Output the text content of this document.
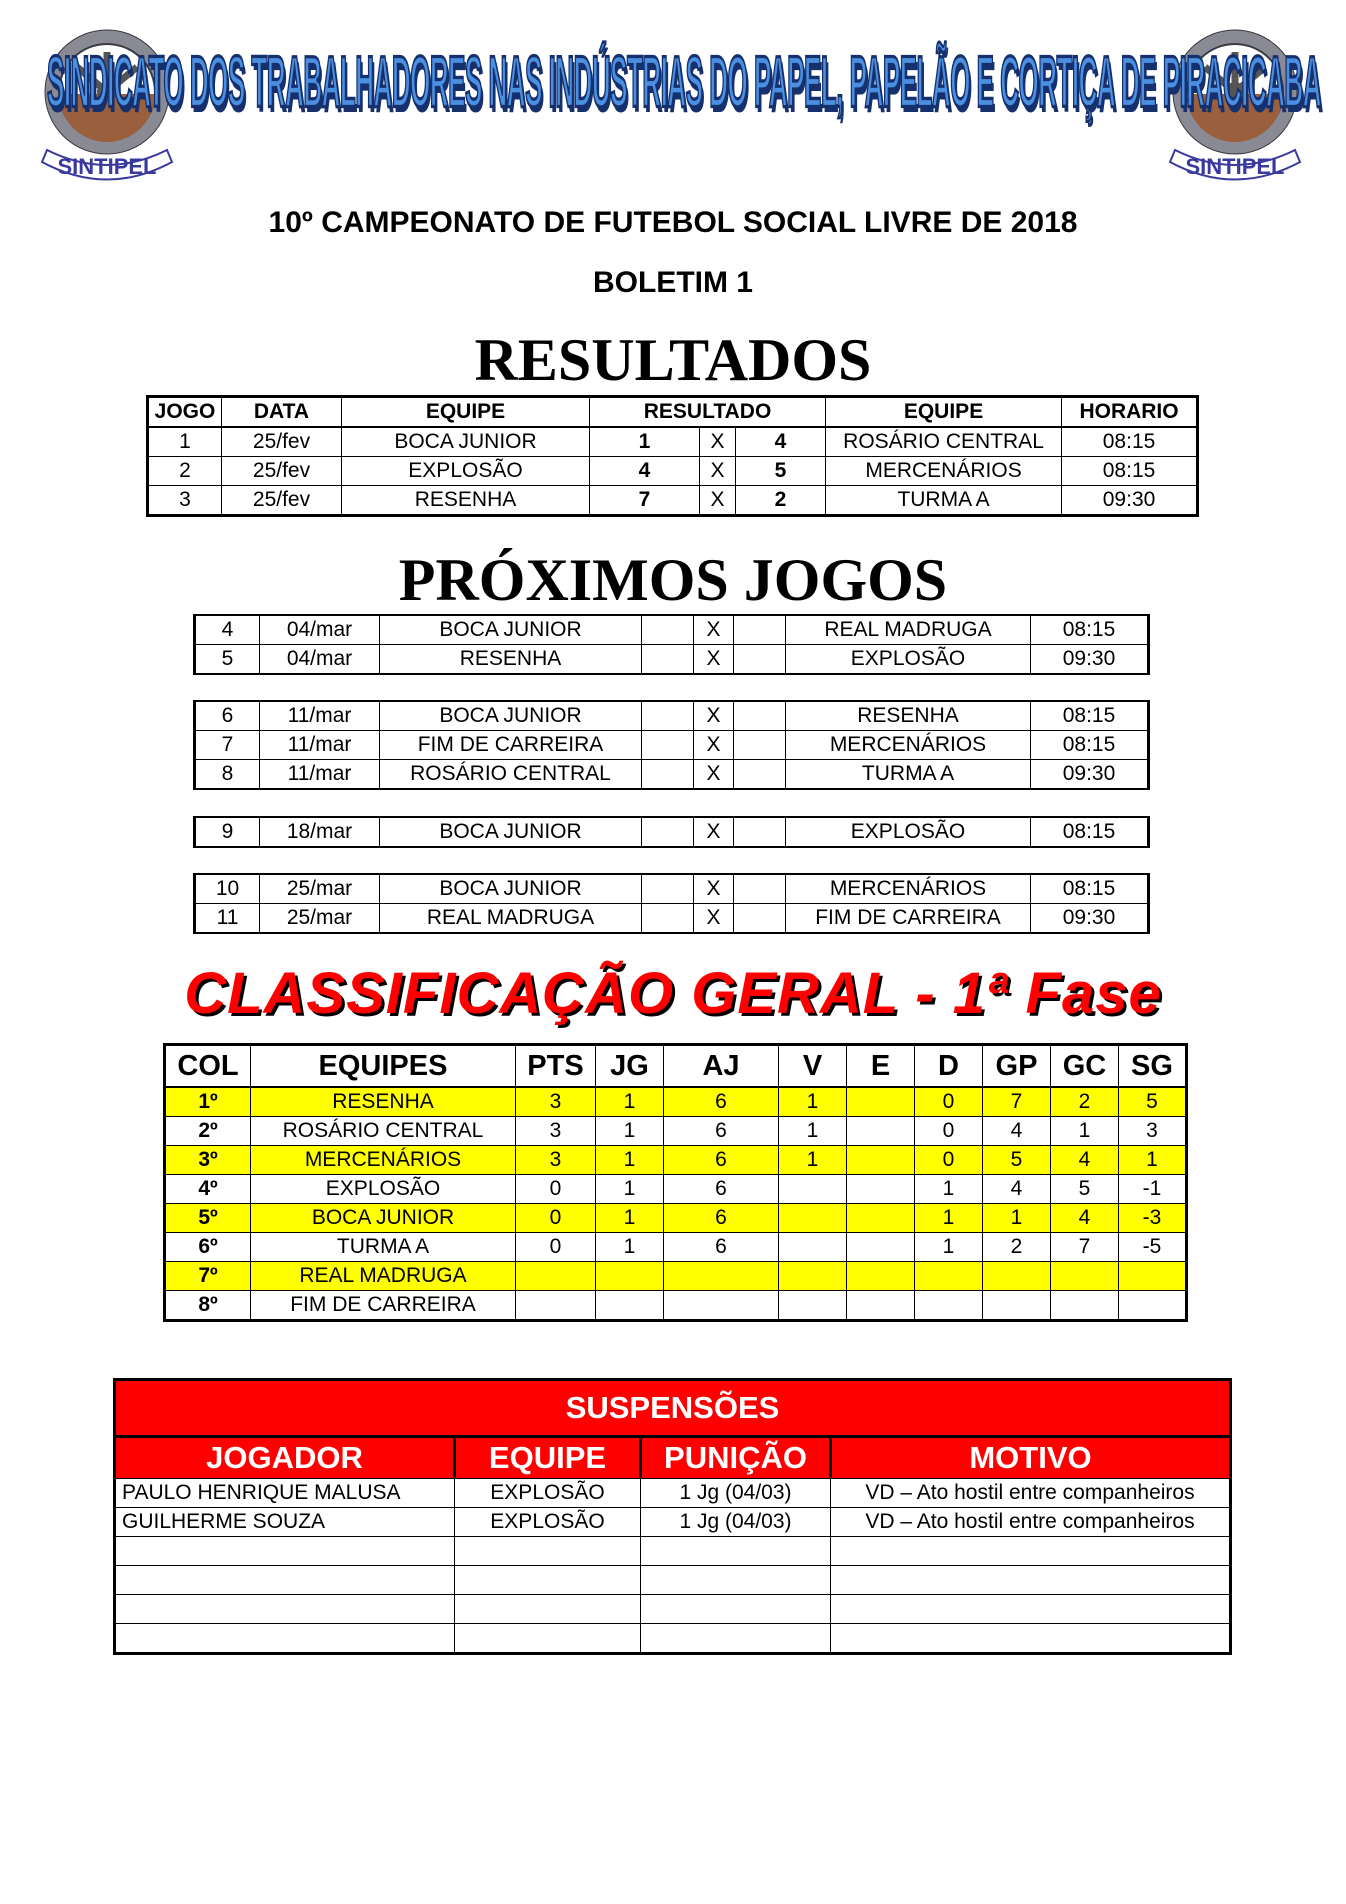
SINTIPEL	SINTIPEL
SINDICATO DOS TRABALHADORES NAS INDÚSTRIAS DO PAPEL, PAPELÃO E CORTIÇA DE PIRACICABA
10º CAMPEONATO DE FUTEBOL SOCIAL LIVRE DE 2018
BOLETIM 1
RESULTADOS
JOGO	DATA	EQUIPE	RESULTADO			EQUIPE	HORARIO
1	25/fev	BOCA JUNIOR	1	X	4	ROSÁRIO CENTRAL	08:15
2	25/fev	EXPLOSÃO	4	X	5	MERCENÁRIOS	08:15
3	25/fev	RESENHA	7	X	2	TURMA A	09:30
PRÓXIMOS JOGOS
4	04/mar	BOCA JUNIOR		X		REAL MADRUGA	08:15
5	04/mar	RESENHA		X		EXPLOSÃO	09:30
6	11/mar	BOCA JUNIOR		X		RESENHA	08:15
7	11/mar	FIM DE CARREIRA		X		MERCENÁRIOS	08:15
8	11/mar	ROSÁRIO CENTRAL		X		TURMA A	09:30
9	18/mar	BOCA JUNIOR		X		EXPLOSÃO	08:15
10	25/mar	BOCA JUNIOR		X		MERCENÁRIOS	08:15
11	25/mar	REAL MADRUGA		X		FIM DE CARREIRA	09:30
CLASSIFICAÇÃO GERAL - 1ª Fase
COL	EQUIPES	PTS	JG	AJ	V	E	D	GP	GC	SG
1º	RESENHA	3	1	6	1		0	7	2	5
2º	ROSÁRIO CENTRAL	3	1	6	1		0	4	1	3
3º	MERCENÁRIOS	3	1	6	1		0	5	4	1
4º	EXPLOSÃO	0	1	6			1	4	5	-1
5º	BOCA JUNIOR	0	1	6			1	1	4	-3
6º	TURMA A	0	1	6			1	2	7	-5
7º	REAL MADRUGA									
8º	FIM DE CARREIRA									
SUSPENSÕES			
JOGADOR	EQUIPE	PUNIÇÃO	MOTIVO
PAULO HENRIQUE MALUSA	EXPLOSÃO	1 Jg (04/03)	VD – Ato hostil entre companheiros
GUILHERME SOUZA	EXPLOSÃO	1 Jg (04/03)	VD – Ato hostil entre companheiros
